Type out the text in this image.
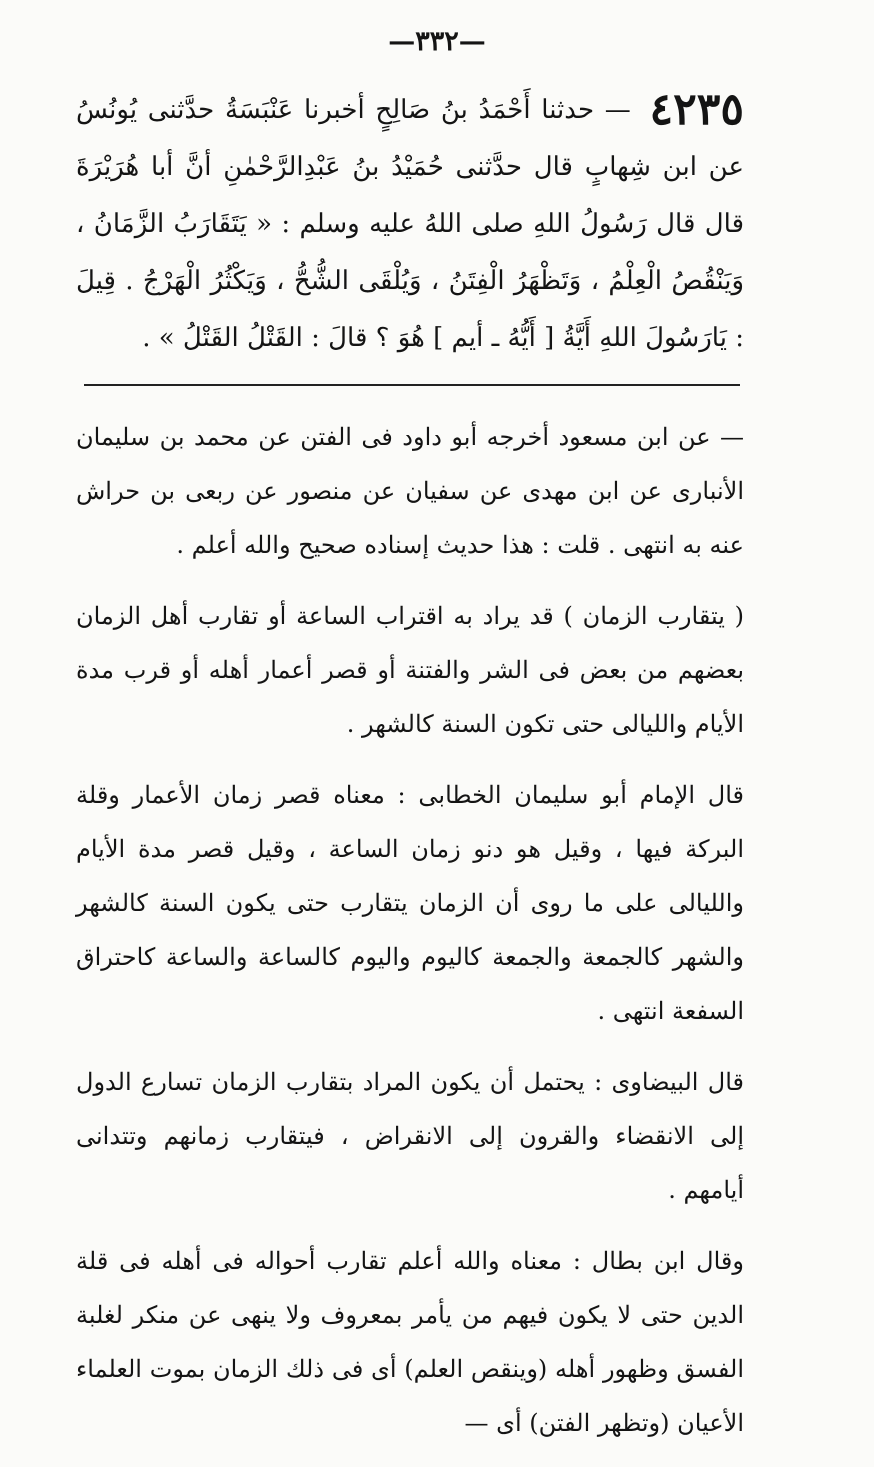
—٣٣٢—
٤٢٣٥ — حدثنا أَحْمَدُ بنُ صَالِحٍ أخبرنا عَنْبَسَةُ حدَّثنى يُونُسُ عن ابن شِهابٍ قال حدَّثنى حُمَيْدُ بنُ عَبْدِالرَّحْمٰنِ أنَّ أبا هُرَيْرَةَ قال قال رَسُولُ اللهِ صلى اللهُ عليه وسلم : « يَتَقَارَبُ الزَّمَانُ ، وَيَنْقُصُ الْعِلْمُ ، وَتَظْهَرُ الْفِتَنُ ، وَيُلْقَى الشُّحُّ ، وَيَكْثُرُ الْهَرْجُ . قِيلَ : يَارَسُولَ اللهِ أَيَّةُ [ أَيُّهُ ـ أيم ] هُوَ ؟ قالَ : القَتْلُ القَتْلُ » .

— عن ابن مسعود أخرجه أبو داود فى الفتن عن محمد بن سليمان الأنبارى عن ابن مهدى عن سفيان عن منصور عن ربعى بن حراش عنه به انتهى . قلت : هذا حديث إسناده صحيح والله أعلم .

( يتقارب الزمان ) قد يراد به اقتراب الساعة أو تقارب أهل الزمان بعضهم من بعض فى الشر والفتنة أو قصر أعمار أهله أو قرب مدة الأيام والليالى حتى تكون السنة كالشهر .

قال الإمام أبو سليمان الخطابى : معناه قصر زمان الأعمار وقلة البركة فيها ، وقيل هو دنو زمان الساعة ، وقيل قصر مدة الأيام والليالى على ما روى أن الزمان يتقارب حتى يكون السنة كالشهر والشهر كالجمعة والجمعة كاليوم واليوم كالساعة والساعة كاحتراق السفعة انتهى .

قال البيضاوى : يحتمل أن يكون المراد بتقارب الزمان تسارع الدول إلى الانقضاء والقرون إلى الانقراض ، فيتقارب زمانهم وتتدانى أيامهم .

وقال ابن بطال : معناه والله أعلم تقارب أحواله فى أهله فى قلة الدين حتى لا يكون فيهم من يأمر بمعروف ولا ينهى عن منكر لغلبة الفسق وظهور أهله (وينقص العلم) أى فى ذلك الزمان بموت العلماء الأعيان (وتظهر الفتن) أى —
